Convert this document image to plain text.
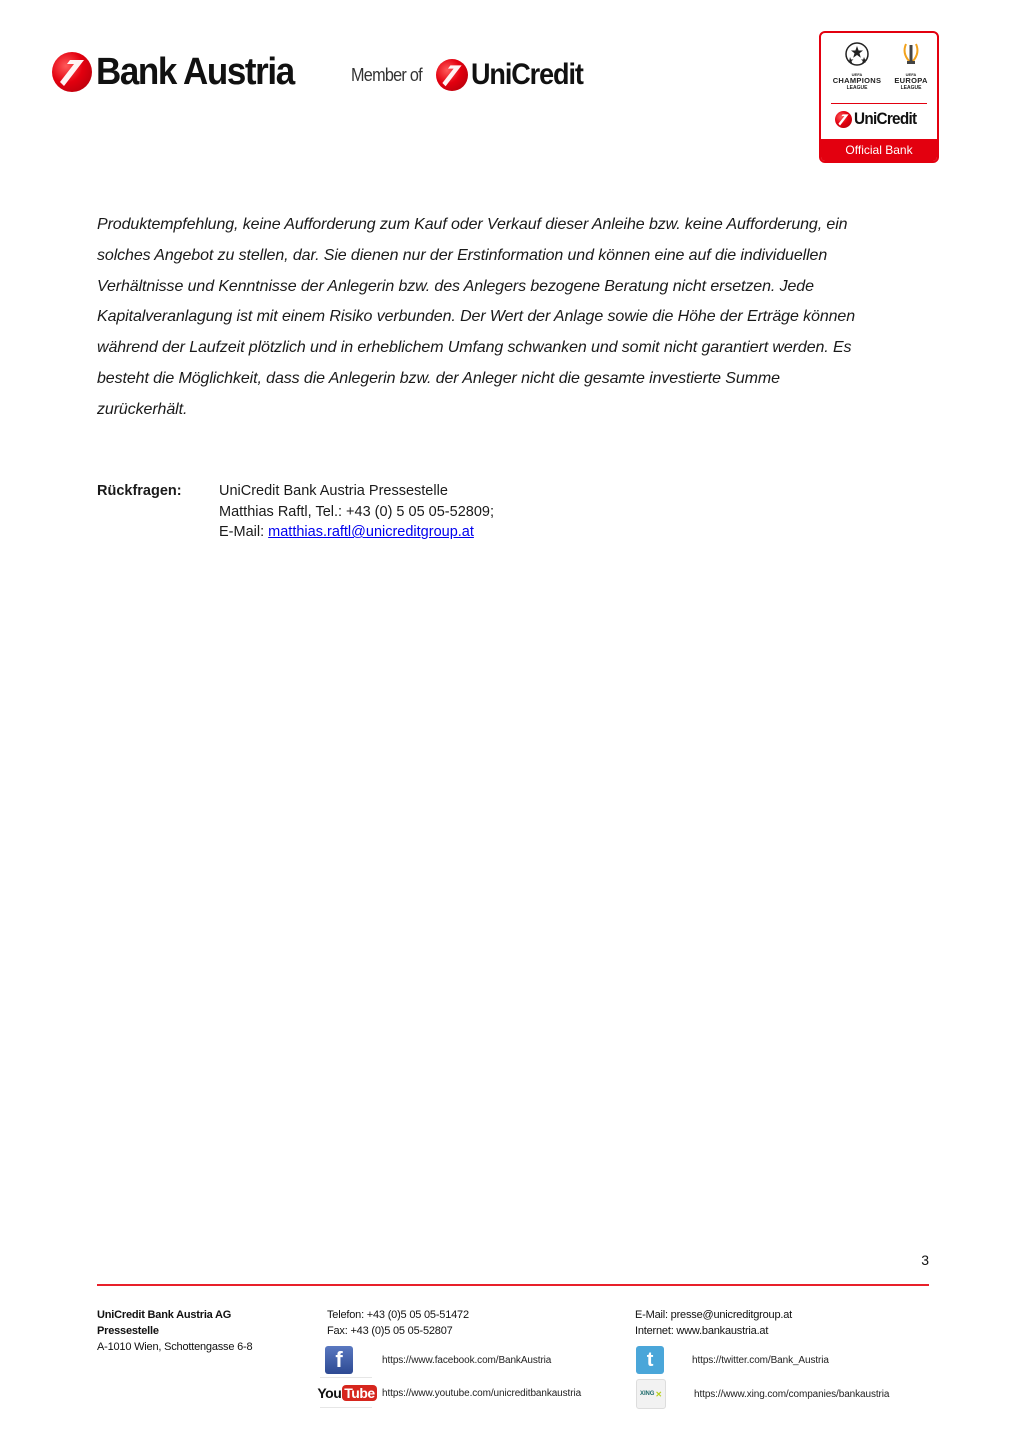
Bank Austria	Member of UniCredit	UEFA
CHAMPIONS
LEAGUE
UEFA
EUROPA
LEAGUE
UniCredit
Official Bank
Produktempfehlung, keine Aufforderung zum Kauf oder Verkauf dieser Anleihe bzw. keine Aufforderung, ein
solches Angebot zu stellen, dar. Sie dienen nur der Erstinformation und können eine auf die individuellen
Verhältnisse und Kenntnisse der Anlegerin bzw. des Anlegers bezogene Beratung nicht ersetzen. Jede
Kapitalveranlagung ist mit einem Risiko verbunden. Der Wert der Anlage sowie die Höhe der Erträge können
während der Laufzeit plötzlich und in erheblichem Umfang schwanken und somit nicht garantiert werden. Es
besteht die Möglichkeit, dass die Anlegerin bzw. der Anleger nicht die gesamte investierte Summe
zurückerhält.
Rückfragen:	UniCredit Bank Austria Pressestelle
Matthias Raftl, Tel.: +43 (0) 5 05 05-52809;
E-Mail: matthias.raftl@unicreditgroup.at
3
UniCredit Bank Austria AG
Pressestelle
A-1010 Wien, Schottengasse 6-8
Telefon: +43 (0)5 05 05-51472
Fax: +43 (0)5 05 05-52807
E-Mail: presse@unicreditgroup.at
Internet: www.bankaustria.at
f	https://www.facebook.com/BankAustria
You Tube https://www.youtube.com/unicreditbankaustria
t	https://twitter.com/Bank_Austria
XING ✕	https://www.xing.com/companies/bankaustria
